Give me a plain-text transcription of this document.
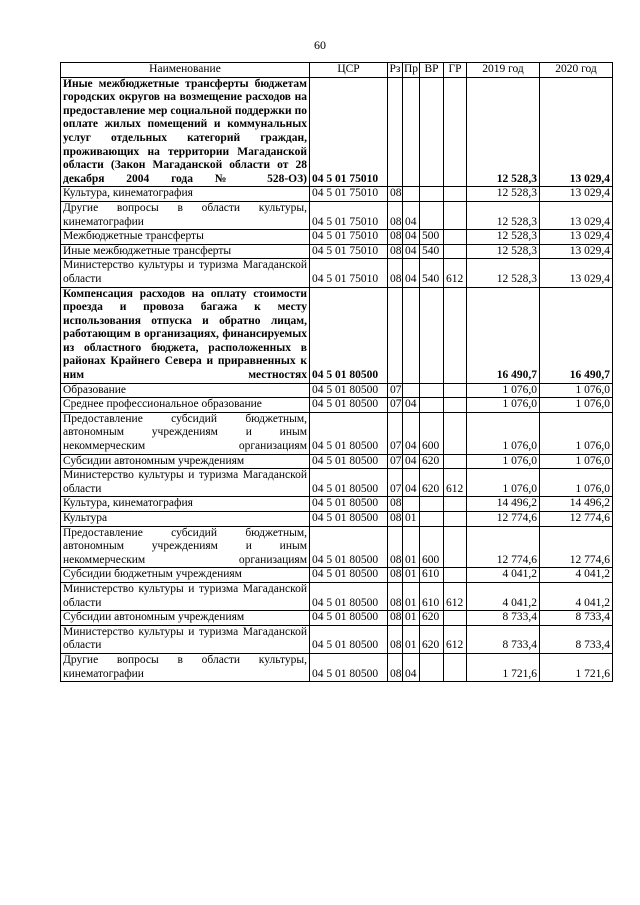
60
Наименование	ЦСР	Рз	Пр	ВР	ГР	2019 год	2020 год
Иные межбюджетные трансферты бюджетам городских округов на возмещение расходов на предоставление мер социальной поддержки по оплате жилых помещений и коммунальных услуг отдельных категорий граждан, проживающих на территории Магаданской области (Закон Магаданской области от 28 декабря 2004 года № 528-ОЗ)	04 5 01 75010					12 528,3	13 029,4
Культура, кинематография	04 5 01 75010	08				12 528,3	13 029,4
Другие вопросы в области культуры, кинематографии	04 5 01 75010	08	04			12 528,3	13 029,4
Межбюджетные трансферты	04 5 01 75010	08	04	500		12 528,3	13 029,4
Иные межбюджетные трансферты	04 5 01 75010	08	04	540		12 528,3	13 029,4
Министерство культуры и туризма Магаданской области	04 5 01 75010	08	04	540	612	12 528,3	13 029,4
Компенсация расходов на оплату стоимости проезда и провоза багажа к месту использования отпуска и обратно лицам, работающим в организациях, финансируемых из областного бюджета, расположенных в районах Крайнего Севера и приравненных к ним местностях	04 5 01 80500					16 490,7	16 490,7
Образование	04 5 01 80500	07				1 076,0	1 076,0
Среднее профессиональное образование	04 5 01 80500	07	04			1 076,0	1 076,0
Предоставление субсидий бюджетным, автономным учреждениям и иным некоммерческим организациям	04 5 01 80500	07	04	600		1 076,0	1 076,0
Субсидии автономным учреждениям	04 5 01 80500	07	04	620		1 076,0	1 076,0
Министерство культуры и туризма Магаданской области	04 5 01 80500	07	04	620	612	1 076,0	1 076,0
Культура, кинематография	04 5 01 80500	08				14 496,2	14 496,2
Культура	04 5 01 80500	08	01			12 774,6	12 774,6
Предоставление субсидий бюджетным, автономным учреждениям и иным некоммерческим организациям	04 5 01 80500	08	01	600		12 774,6	12 774,6
Субсидии бюджетным учреждениям	04 5 01 80500	08	01	610		4 041,2	4 041,2
Министерство культуры и туризма Магаданской области	04 5 01 80500	08	01	610	612	4 041,2	4 041,2
Субсидии автономным учреждениям	04 5 01 80500	08	01	620		8 733,4	8 733,4
Министерство культуры и туризма Магаданской области	04 5 01 80500	08	01	620	612	8 733,4	8 733,4
Другие вопросы в области культуры, кинематографии	04 5 01 80500	08	04			1 721,6	1 721,6
